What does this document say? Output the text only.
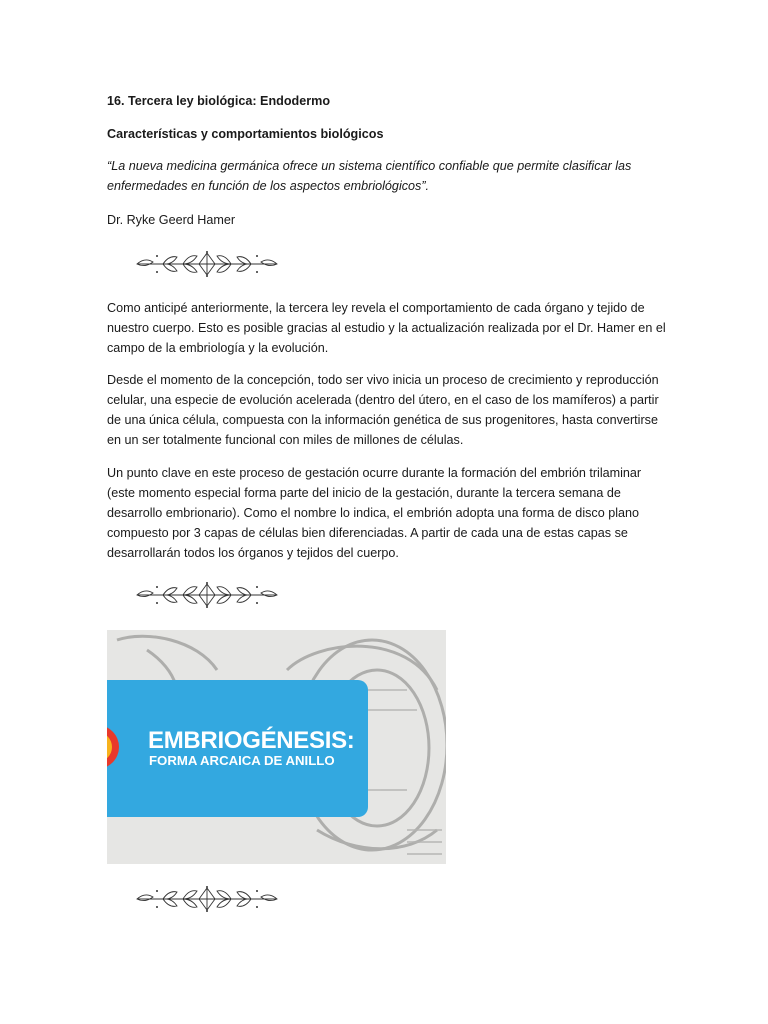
16. Tercera ley biológica: Endodermo
Características y comportamientos biológicos
“La nueva medicina germánica ofrece un sistema científico confiable que permite clasificar las enfermedades en función de los aspectos embriológicos”.
Dr. Ryke Geerd Hamer
Como anticipé anteriormente, la tercera ley revela el comportamiento de cada órgano y tejido de nuestro cuerpo. Esto es posible gracias al estudio y la actualización realizada por el Dr. Hamer en el campo de la embriología y la evolución.
Desde el momento de la concepción, todo ser vivo inicia un proceso de crecimiento y reproducción celular, una especie de evolución acelerada (dentro del útero, en el caso de los mamíferos) a partir de una única célula, compuesta con la información genética de sus progenitores, hasta convertirse en un ser totalmente funcional con miles de millones de células.
Un punto clave en este proceso de gestación ocurre durante la formación del embrión trilaminar (este momento especial forma parte del inicio de la gestación, durante la tercera semana de desarrollo embrionario). Como el nombre lo indica, el embrión adopta una forma de disco plano compuesto por 3 capas de células bien diferenciadas. A partir de cada una de estas capas se desarrollarán todos los órganos y tejidos del cuerpo.
EMBRIOGÉNESIS:
FORMA ARCAICA DE ANILLO
